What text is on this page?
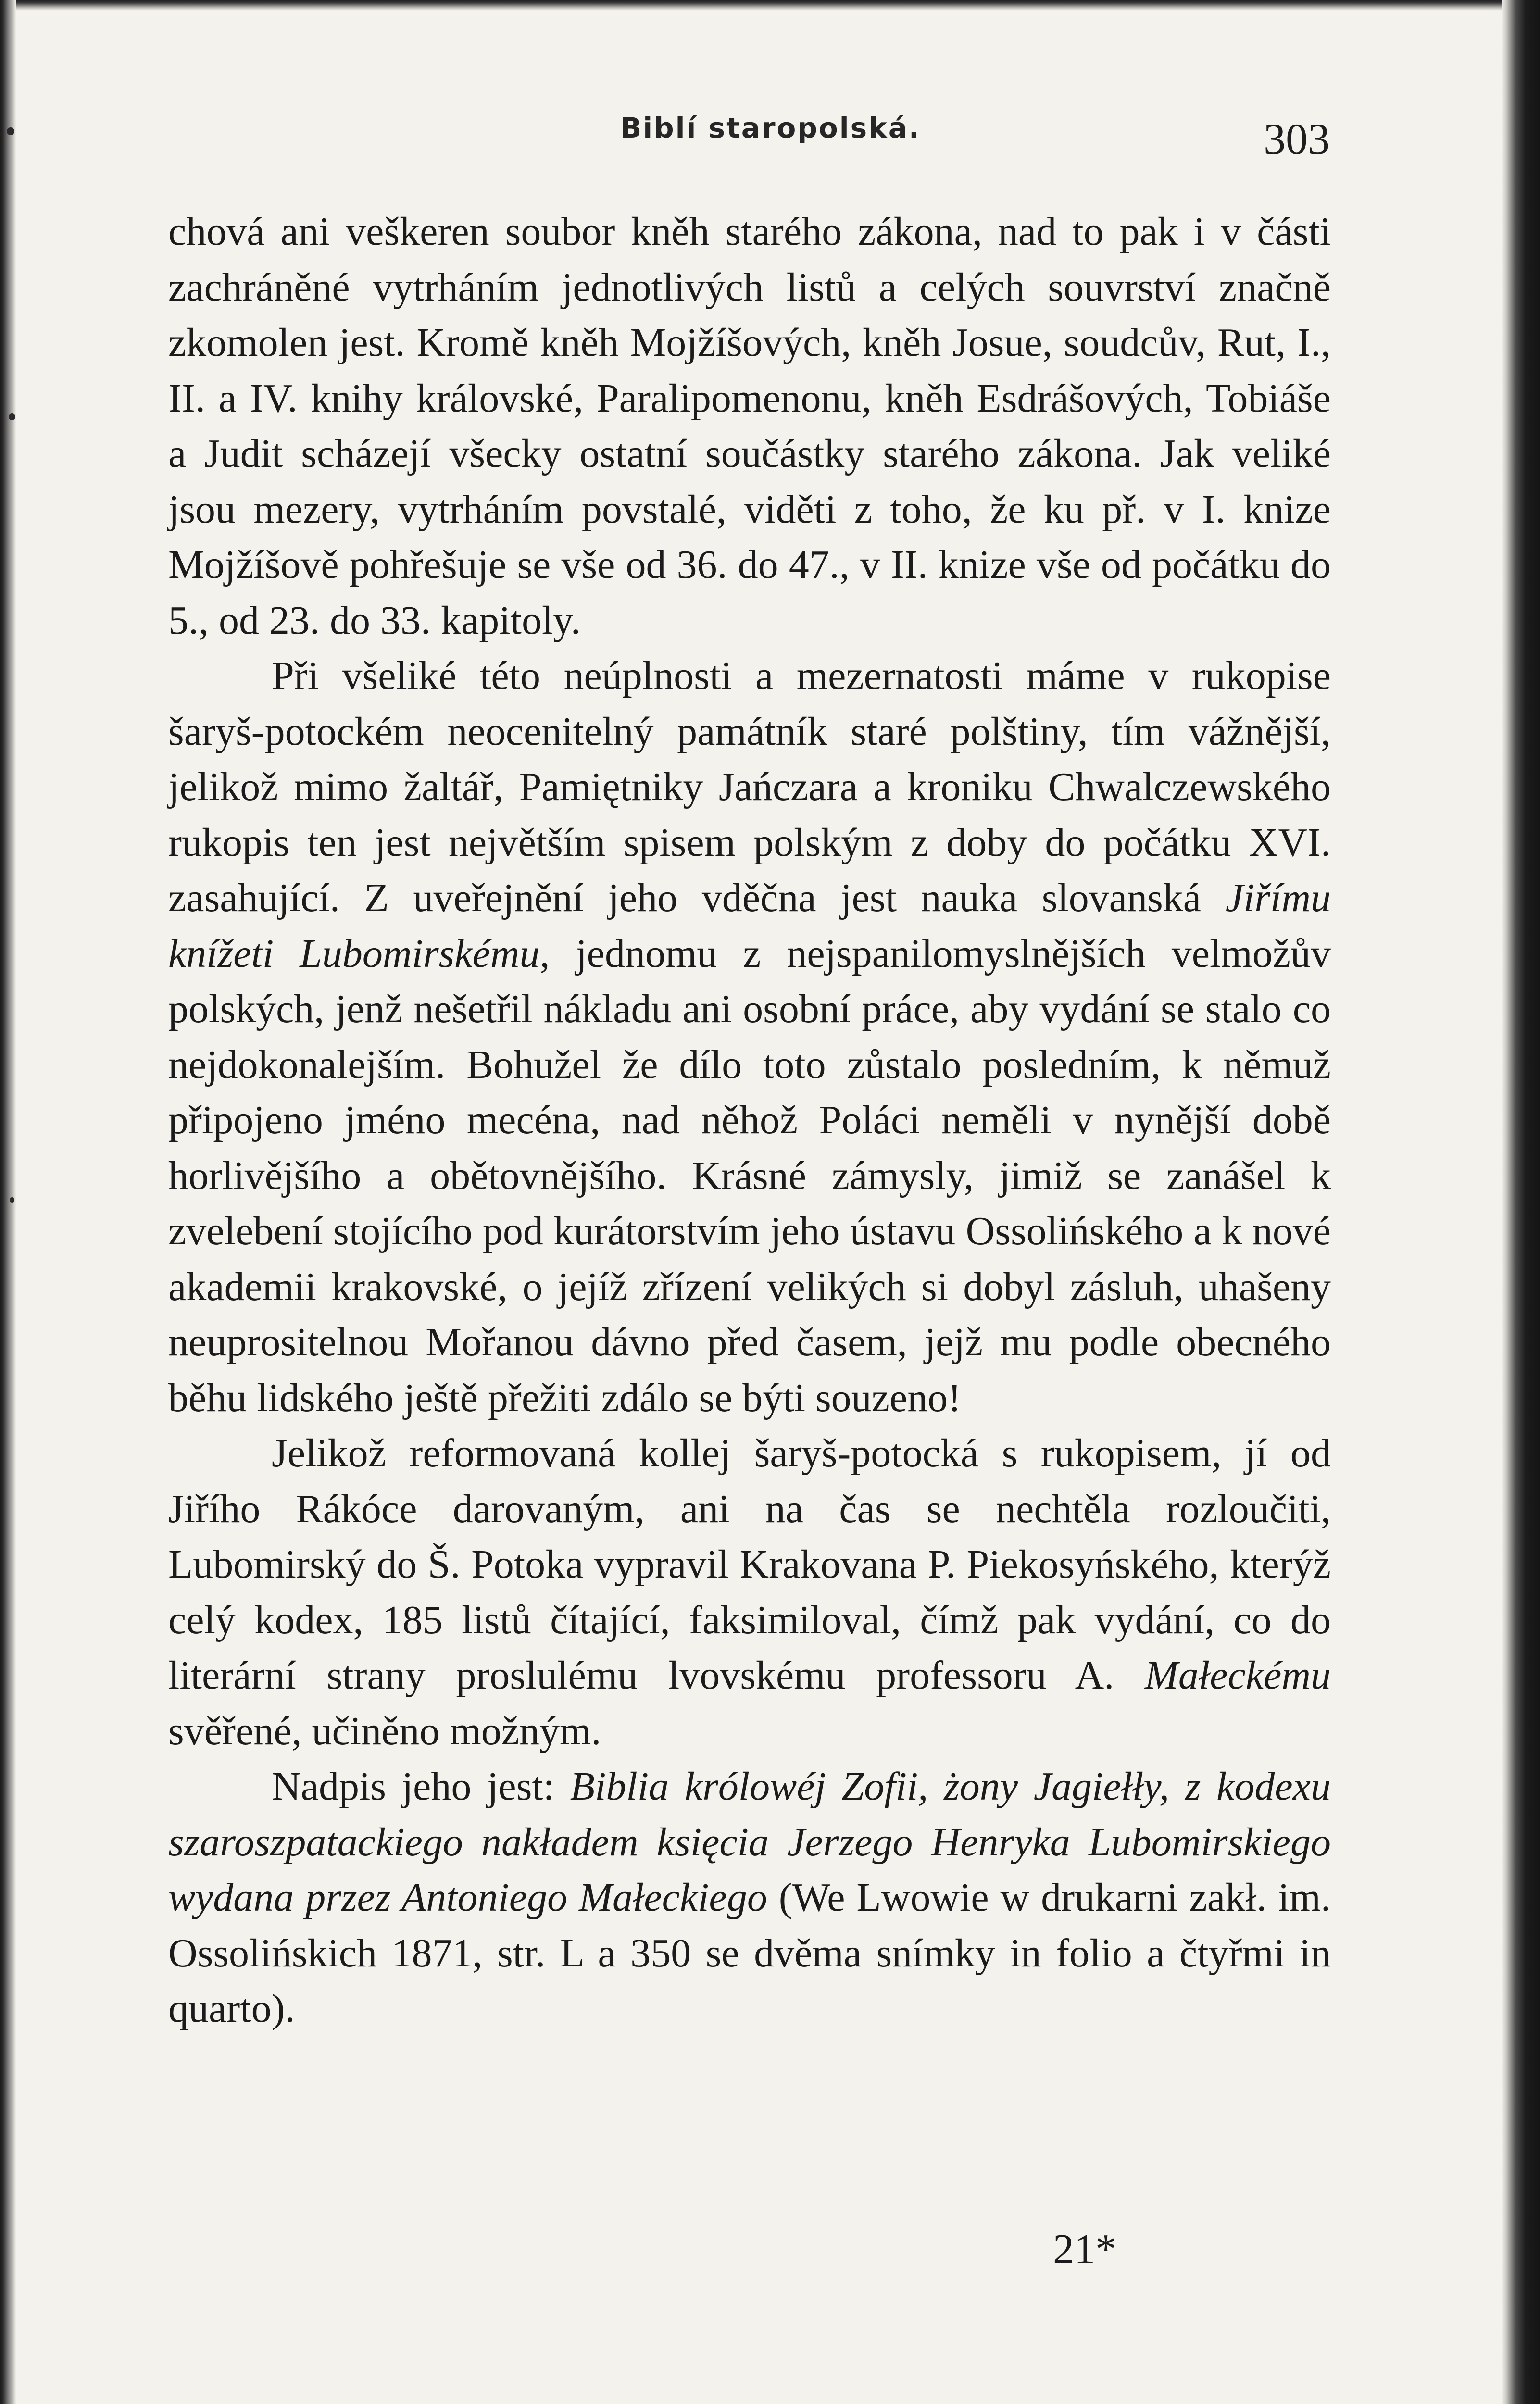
Biblí staropolská.	303

chová ani veškeren soubor kněh starého zákona, nad to pak i v části zachráněné vytrháním jednotlivých listů a celých souvrství značně zkomolen jest. Kromě kněh Mojžíšových, kněh Josue, soudcův, Rut, I., II. a IV. knihy královské, Paralipomenonu, kněh Esdrášových, Tobiáše a Judit scházejí všecky ostatní součástky starého zákona. Jak veliké jsou mezery, vytrháním povstalé, viděti z toho, že ku př. v I. knize Mojžíšově pohřešuje se vše od 36. do 47., v II. knize vše od počátku do 5., od 23. do 33. kapitoly.

Při všeliké této neúplnosti a mezernatosti máme v rukopise šaryš-potockém neocenitelný památník staré polštiny, tím vážnější, jelikož mimo žaltář, Pamiętniky Jańczara a kroniku Chwalczewského rukopis ten jest největším spisem polským z doby do počátku XVI. zasahující. Z uveřejnění jeho vděčna jest nauka slovanská Jiřímu knížeti Lubomirskému, jednomu z nejspanilomyslnějších velmožův polských, jenž nešetřil nákladu ani osobní práce, aby vydání se stalo co nejdokonalejším. Bohužel že dílo toto zůstalo posledním, k němuž připojeno jméno mecéna, nad něhož Poláci neměli v nynější době horlivějšího a obětovnějšího. Krásné zámysly, jimiž se zanášel k zvelebení stojícího pod kurátorstvím jeho ústavu Ossolińského a k nové akademii krakovské, o jejíž zřízení velikých si dobyl zásluh, uhašeny neuprositelnou Mořanou dávno před časem, jejž mu podle obecného běhu lidského ještě přežiti zdálo se býti souzeno!

Jelikož reformovaná kollej šaryš-potocká s rukopisem, jí od Jiřího Rákóce darovaným, ani na čas se nechtěla rozloučiti, Lubomirský do Š. Potoka vypravil Krakovana P. Piekosyńského, kterýž celý kodex, 185 listů čítající, faksimiloval, čímž pak vydání, co do literární strany proslulému lvovskému professoru A. Małeckému svěřené, učiněno možným.

Nadpis jeho jest: Biblia królowéj Zofii, żony Jagiełły, z kodexu szaroszpatackiego nakładem księcia Jerzego Henryka Lubomirskiego wydana przez Antoniego Małeckiego (We Lwowie w drukarni zakł. im. Ossolińskich 1871, str. L a 350 se dvěma snímky in folio a čtyřmi in quarto).

21*
